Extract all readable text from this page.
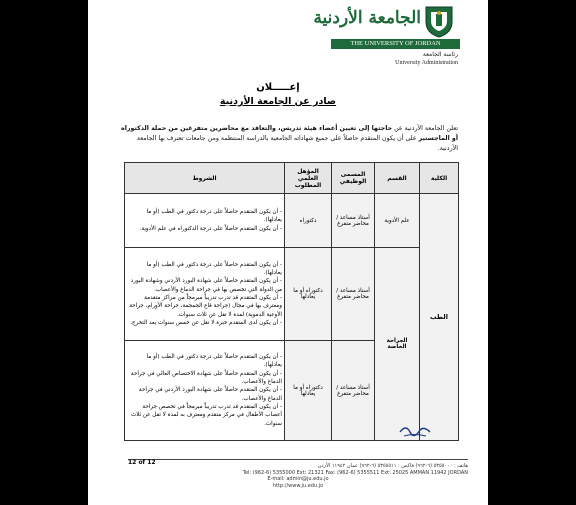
الجامعة الأردنية
THE UNIVERSITY OF JORDAN
رئاسة الجامعة
University Administration
إعـــــلان
صادر عن الجامعة الأردنية
تعلن الجامعة الأردنية عن حاجتها إلى تعيين أعضاء هيئة تدريس، والتعاقد مع محاضرين متفرغين من حملة الدكتوراه أو الماجستير على أن يكون المتقدم حاصلاً على جميع شهاداته الجامعية بالدراسة المنتظمة ومن جامعات تعترف بها الجامعة الأردنية.
الكلية	القسم	المسمى الوظيفي	المؤهل العلمي المطلوب	الشروط
الطب	علم الأدوية	أستاذ مساعد / محاضر متفرغ	دكتوراه	- أن يكون المتقدم حاصلاً على درجة دكتور في الطب (أو ما يعادلها).
- أن يكون المتقدم حاصلاً على درجة الدكتوراه في علم الأدوية.

	الجراحة الخاصة	أستاذ مساعد / محاضر متفرغ	دكتوراه أو ما يعادلها	- أن يكون المتقدم حاصلاً على درجة دكتور في الطب (أو ما يعادلها).
- أن يكون المتقدم حاصلاً على شهادة البورد الأردني وشهادة البورد من الدولة التي تخصص بها في جراحة الدماغ والأعصاب.
- أن يكون المتقدم قد تدرب تدريباً مبرمجاً من مراكز متقدمة ومعترف بها في مجال (جراحة قاع الجمجمة، جراحة الأورام، جراحة الأوعية الدموية) لمدة لا تقل عن ثلاث سنوات.
- أن يكون لدى المتقدم خبرة لا تقل عن خمس سنوات بعد التخرج.

		أستاذ مساعد / محاضر متفرغ	دكتوراه أو ما يعادلها	- أن يكون المتقدم حاصلاً على درجة دكتور في الطب (أو ما يعادلها).
- أن يكون المتقدم حاصلاً على شهادة الاختصاص العالي في جراحة الدماغ والأعصاب.
- أن يكون المتقدم حاصلاً على شهادة البورد الأردني في جراحة الدماغ والأعصاب.
- أن يكون المتقدم قد تدرب تدريباً مبرمجاً في تخصص جراحة أعصاب الأطفال في مركز متقدم ومعترف به لمدة لا تقل عن ثلاث سنوات.
هاتف : ٥٣٥٥٠٠٠ (٦-٩٦٢) فاكس : ٥٣٥٥٥١١ (٦-٩٦٢) عمان ١١٩٤٢ الأردن
Tel: (962-6) 5355000 Ext: 21321 Fax: (962-6) 5355511 Ext: 25025 AMMAN 11942 JORDAN
E-mail: admin@ju.edu.jo
http://www.ju.edu.jo
12 of 12
